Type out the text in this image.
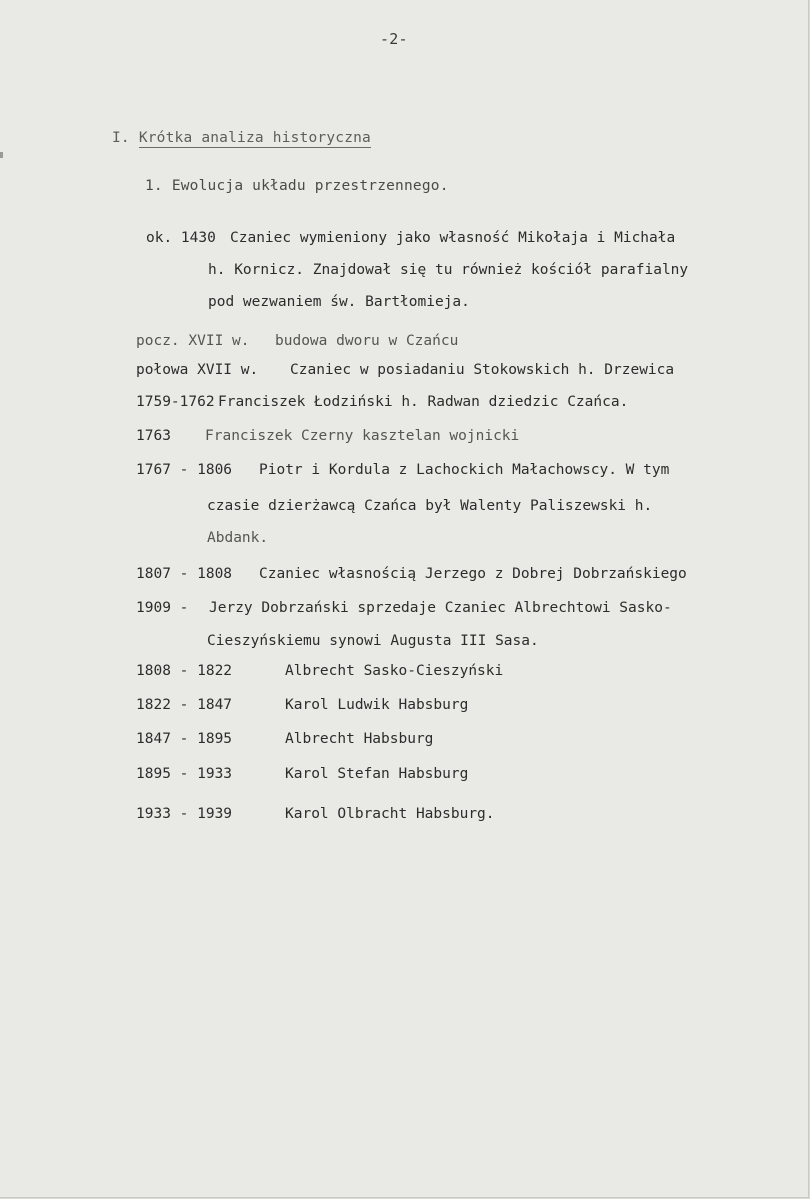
-2-
I. Krótka analiza historyczna
1. Ewolucja układu przestrzennego.
ok. 1430 Czaniec wymieniony jako własność Mikołaja i Michała
h. Kornicz. Znajdował się tu również kościół parafialny
pod wezwaniem św. Bartłomieja.
pocz. XVII w. budowa dworu w Czańcu
połowa XVII w. Czaniec w posiadaniu Stokowskich h. Drzewica
1759-1762 Franciszek Łodziński h. Radwan dziedzic Czańca.
1763 Franciszek Czerny kasztelan wojnicki
1767 - 1806 Piotr i Kordula z Lachockich Małachowscy. W tym
czasie dzierżawcą Czańca był Walenty Paliszewski h.
Abdank.
1807 - 1808 Czaniec własnością Jerzego z Dobrej Dobrzańskiego
1909 - Jerzy Dobrzański sprzedaje Czaniec Albrechtowi Sasko-
Cieszyńskiemu synowi Augusta III Sasa.
1808 - 1822	Albrecht Sasko-Cieszyński
1822 - 1847	Karol Ludwik Habsburg
1847 - 1895	Albrecht Habsburg
1895 - 1933	Karol Stefan Habsburg
1933 - 1939	Karol Olbracht Habsburg.
